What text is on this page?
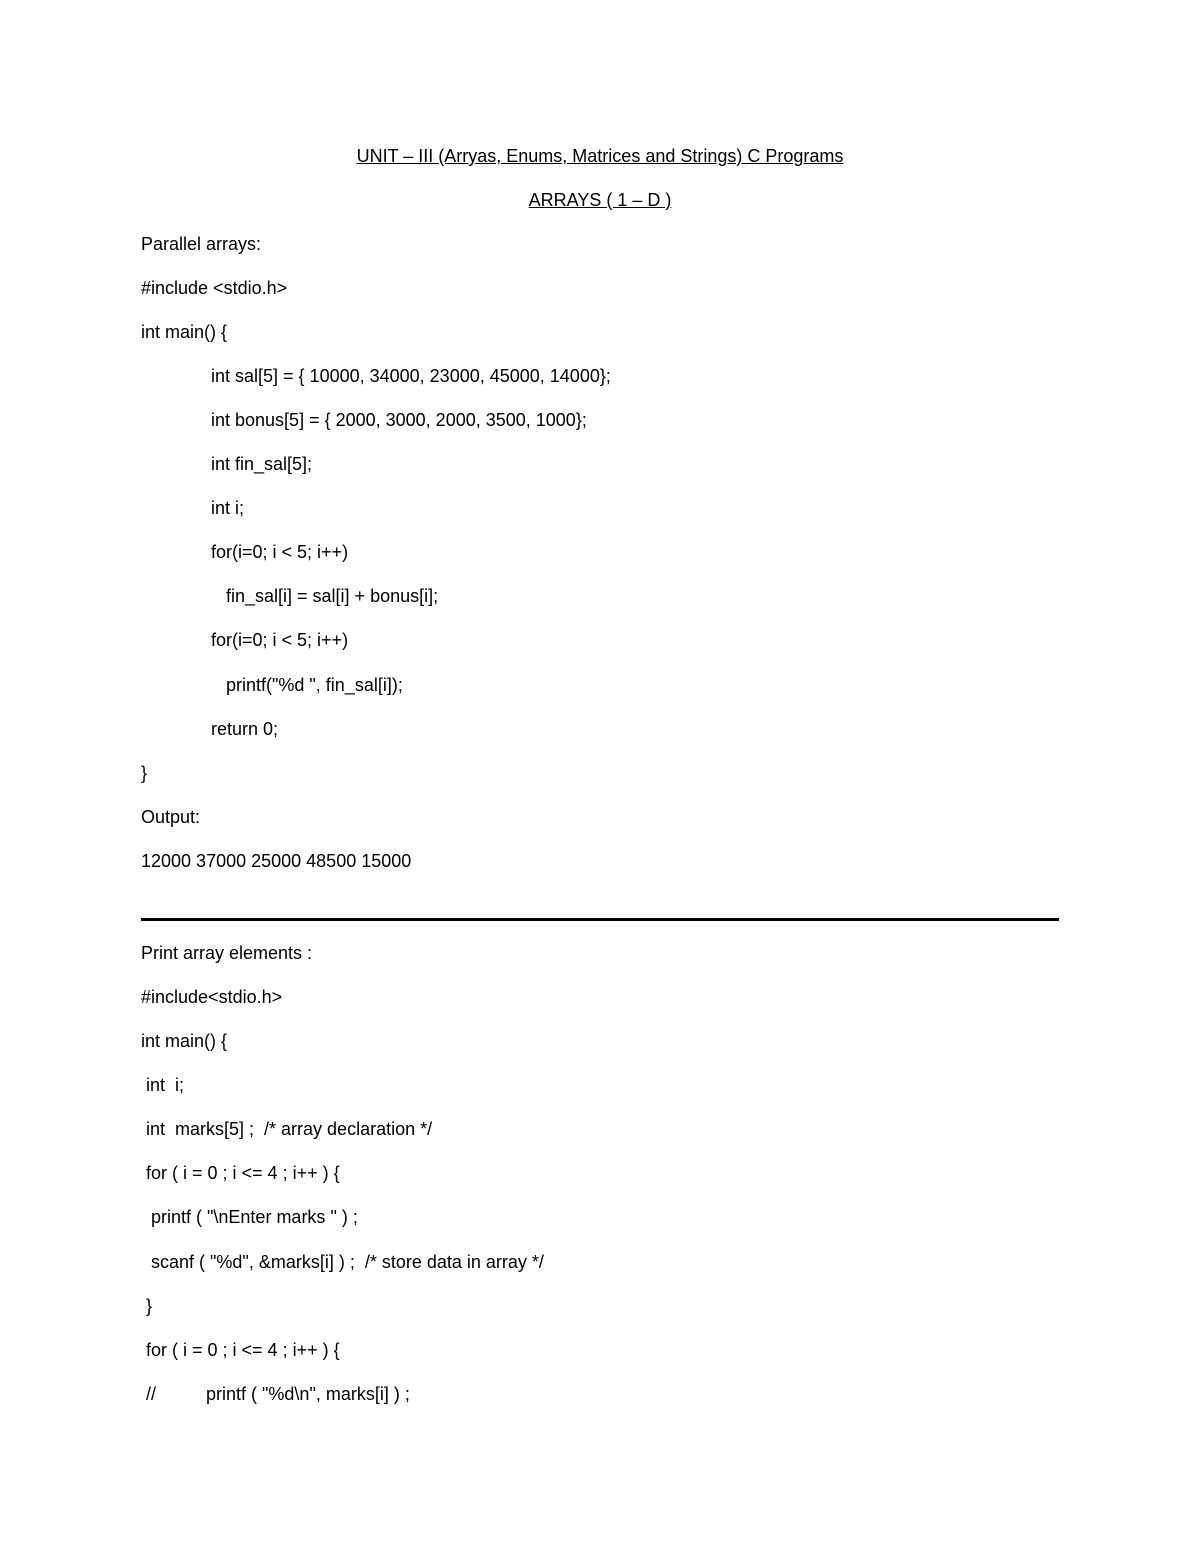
UNIT – III (Arryas, Enums, Matrices and Strings) C Programs
ARRAYS ( 1 – D )
Parallel arrays:
#include <stdio.h>
int main() {
int sal[5] = { 10000, 34000, 23000, 45000, 14000};
int bonus[5] = { 2000, 3000, 2000, 3500, 1000};
int fin_sal[5];
int i;
for(i=0; i < 5; i++)
fin_sal[i] = sal[i] + bonus[i];
for(i=0; i < 5; i++)
printf("%d ", fin_sal[i]);
return 0;
}
Output:
12000 37000 25000 48500 15000
Print array elements :
#include<stdio.h>
int main() {
int  i;
int  marks[5] ;  /* array declaration */
for ( i = 0 ; i <= 4 ; i++ ) {
printf ( "\nEnter marks " ) ;
scanf ( "%d", &marks[i] ) ;  /* store data in array */
}
for ( i = 0 ; i <= 4 ; i++ ) {
//          printf ( "%d\n", marks[i] ) ;
